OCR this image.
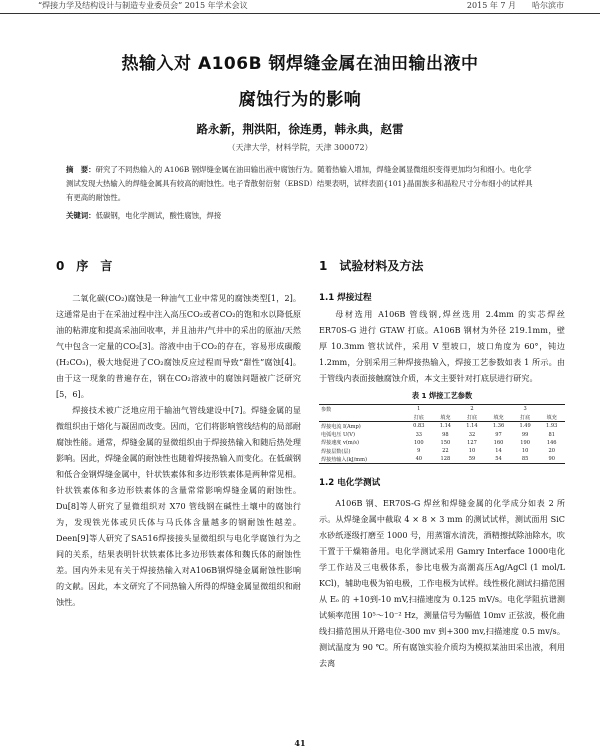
“焊接力学及结构设计与制造专业委员会” 2015 年学术会议	2015 年 7 月　　哈尔滨市
热输入对 A106B 钢焊缝金属在油田输出液中
腐蚀行为的影响
路永新，荆洪阳，徐连勇，韩永典，赵雷
（天津大学，材料学院，天津 300072）
摘　要：研究了不同热输入的 A106B 钢焊缝金属在油田输出液中腐蚀行为。随着热输入增加，焊缝金属显微组织变得更加均匀和细小。电化学测试发现大热输入的焊缝金属具有较高的耐蚀性。电子背散射衍射（EBSD）结果表明，试样表面{101}晶面族多和晶粒尺寸分布细小的试样具有更高的耐蚀性。
关键词：低碳钢，电化学测试，酸性腐蚀，焊接
0　序　言	1　试验材料及方法

二氧化碳(CO₂)腐蚀是一种油气工业中常见的腐蚀类型[1，2]。这通常是由于在采油过程中注入高压CO₂或者CO₂的饱和水以降低原油的粘滞度和提高采油回收率，并且油井/气井中的采出的原油/天然气中包含一定量的CO₂[3]。溶液中由于CO₂的存在，容易形成碳酸(H₂CO₃)，极大地促进了CO₂腐蚀反应过程而导致“甜性”腐蚀[4]。由于这一现象的普遍存在，钢在CO₂溶液中的腐蚀问题被广泛研究[5，6]。

焊接技术被广泛地应用于输油气管线建设中[7]。焊缝金属的显微组织由于熔化与凝固而改变。因而，它们将影响管线结构的局部耐腐蚀性能。通常，焊缝金属的显微组织由于焊接热输入和随后热处理影响。因此，焊缝金属的耐蚀性也随着焊接热输入而变化。在低碳钢和低合金钢焊缝金属中，针状铁素体和多边形铁素体是两种常见相。针状铁素体和多边形铁素体的含量常常影响焊缝金属的耐蚀性。Du[8]等人研究了显微组织对 X70 管线钢在碱性土壤中的腐蚀行为，发现铁光体或贝氏体与马氏体含量越多的钢耐蚀性越差。Deen[9]等人研究了SA516焊接接头显微组织与电化学腐蚀行为之间的关系，结果表明针状铁素体比多边形铁素体和魏氏体的耐蚀性差。国内外未见有关于焊接热输入对A106B钢焊缝金属耐蚀性影响的文献。因此，本文研究了不同热输入所得的焊缝金属显微组织和耐蚀性。

1.1 焊接过程

母材选用 A106B 管线钢,焊丝选用 2.4mm 的实芯焊丝 ER70S-G 进行 GTAW 打底。A106B 钢材为外径 219.1mm，壁厚 10.3mm 管状试件，采用 V 型坡口，坡口角度为 60°，钝边 1.2mm，分别采用三种焊接热输入，焊接工艺参数如表 1 所示。由于管线内表面接触腐蚀介质，本文主要针对打底层进行研究。

表 1 焊接工艺参数
参数	1		2		3	
	打底	填充	打底	填充	打底	填充
焊接电流 I(Amp)	0.83	1.14	1.14	1.36	1.49	1.93
电弧电压 U(V)	33	98	32	97	99	81
焊接速度 v(m/s)	100	150	127	160	190	146
焊接层数(层)	9	22	10	14	10	20
焊接热输入(kJ/mm)	40	128	59	54	85	90
1.2 电化学测试

A106B 钢、ER70S-G 焊丝和焊缝金属的化学成分如表 2 所示。从焊缝金属中截取 4 × 8 × 3 mm 的测试试样，测试面用 SiC 水砂纸逐级打磨至 1000 号，用蒸馏水清洗，酒精擦拭除油除水，吹干置于干燥箱备用。电化学测试采用 Gamry Interface 1000电化学工作站及三电极体系，参比电极为高潮高压Ag/AgCl (1 mol/L KCl)，辅助电极为铂电极，工作电极为试样。线性极化测试扫描范围从 Eₒ 的 +10到-10 mV,扫描速度为 0.125 mV/s。电化学阻抗谱测试频率范围 10⁵～10⁻² Hz，测量信号为幅值 10mv 正弦波，极化曲线扫描范围从开路电位-300 mv 到+300 mv,扫描速度 0.5 mv/s。测试温度为 90 ℃。所有腐蚀实验介质均为模拟某油田采出液，利用去离

41
